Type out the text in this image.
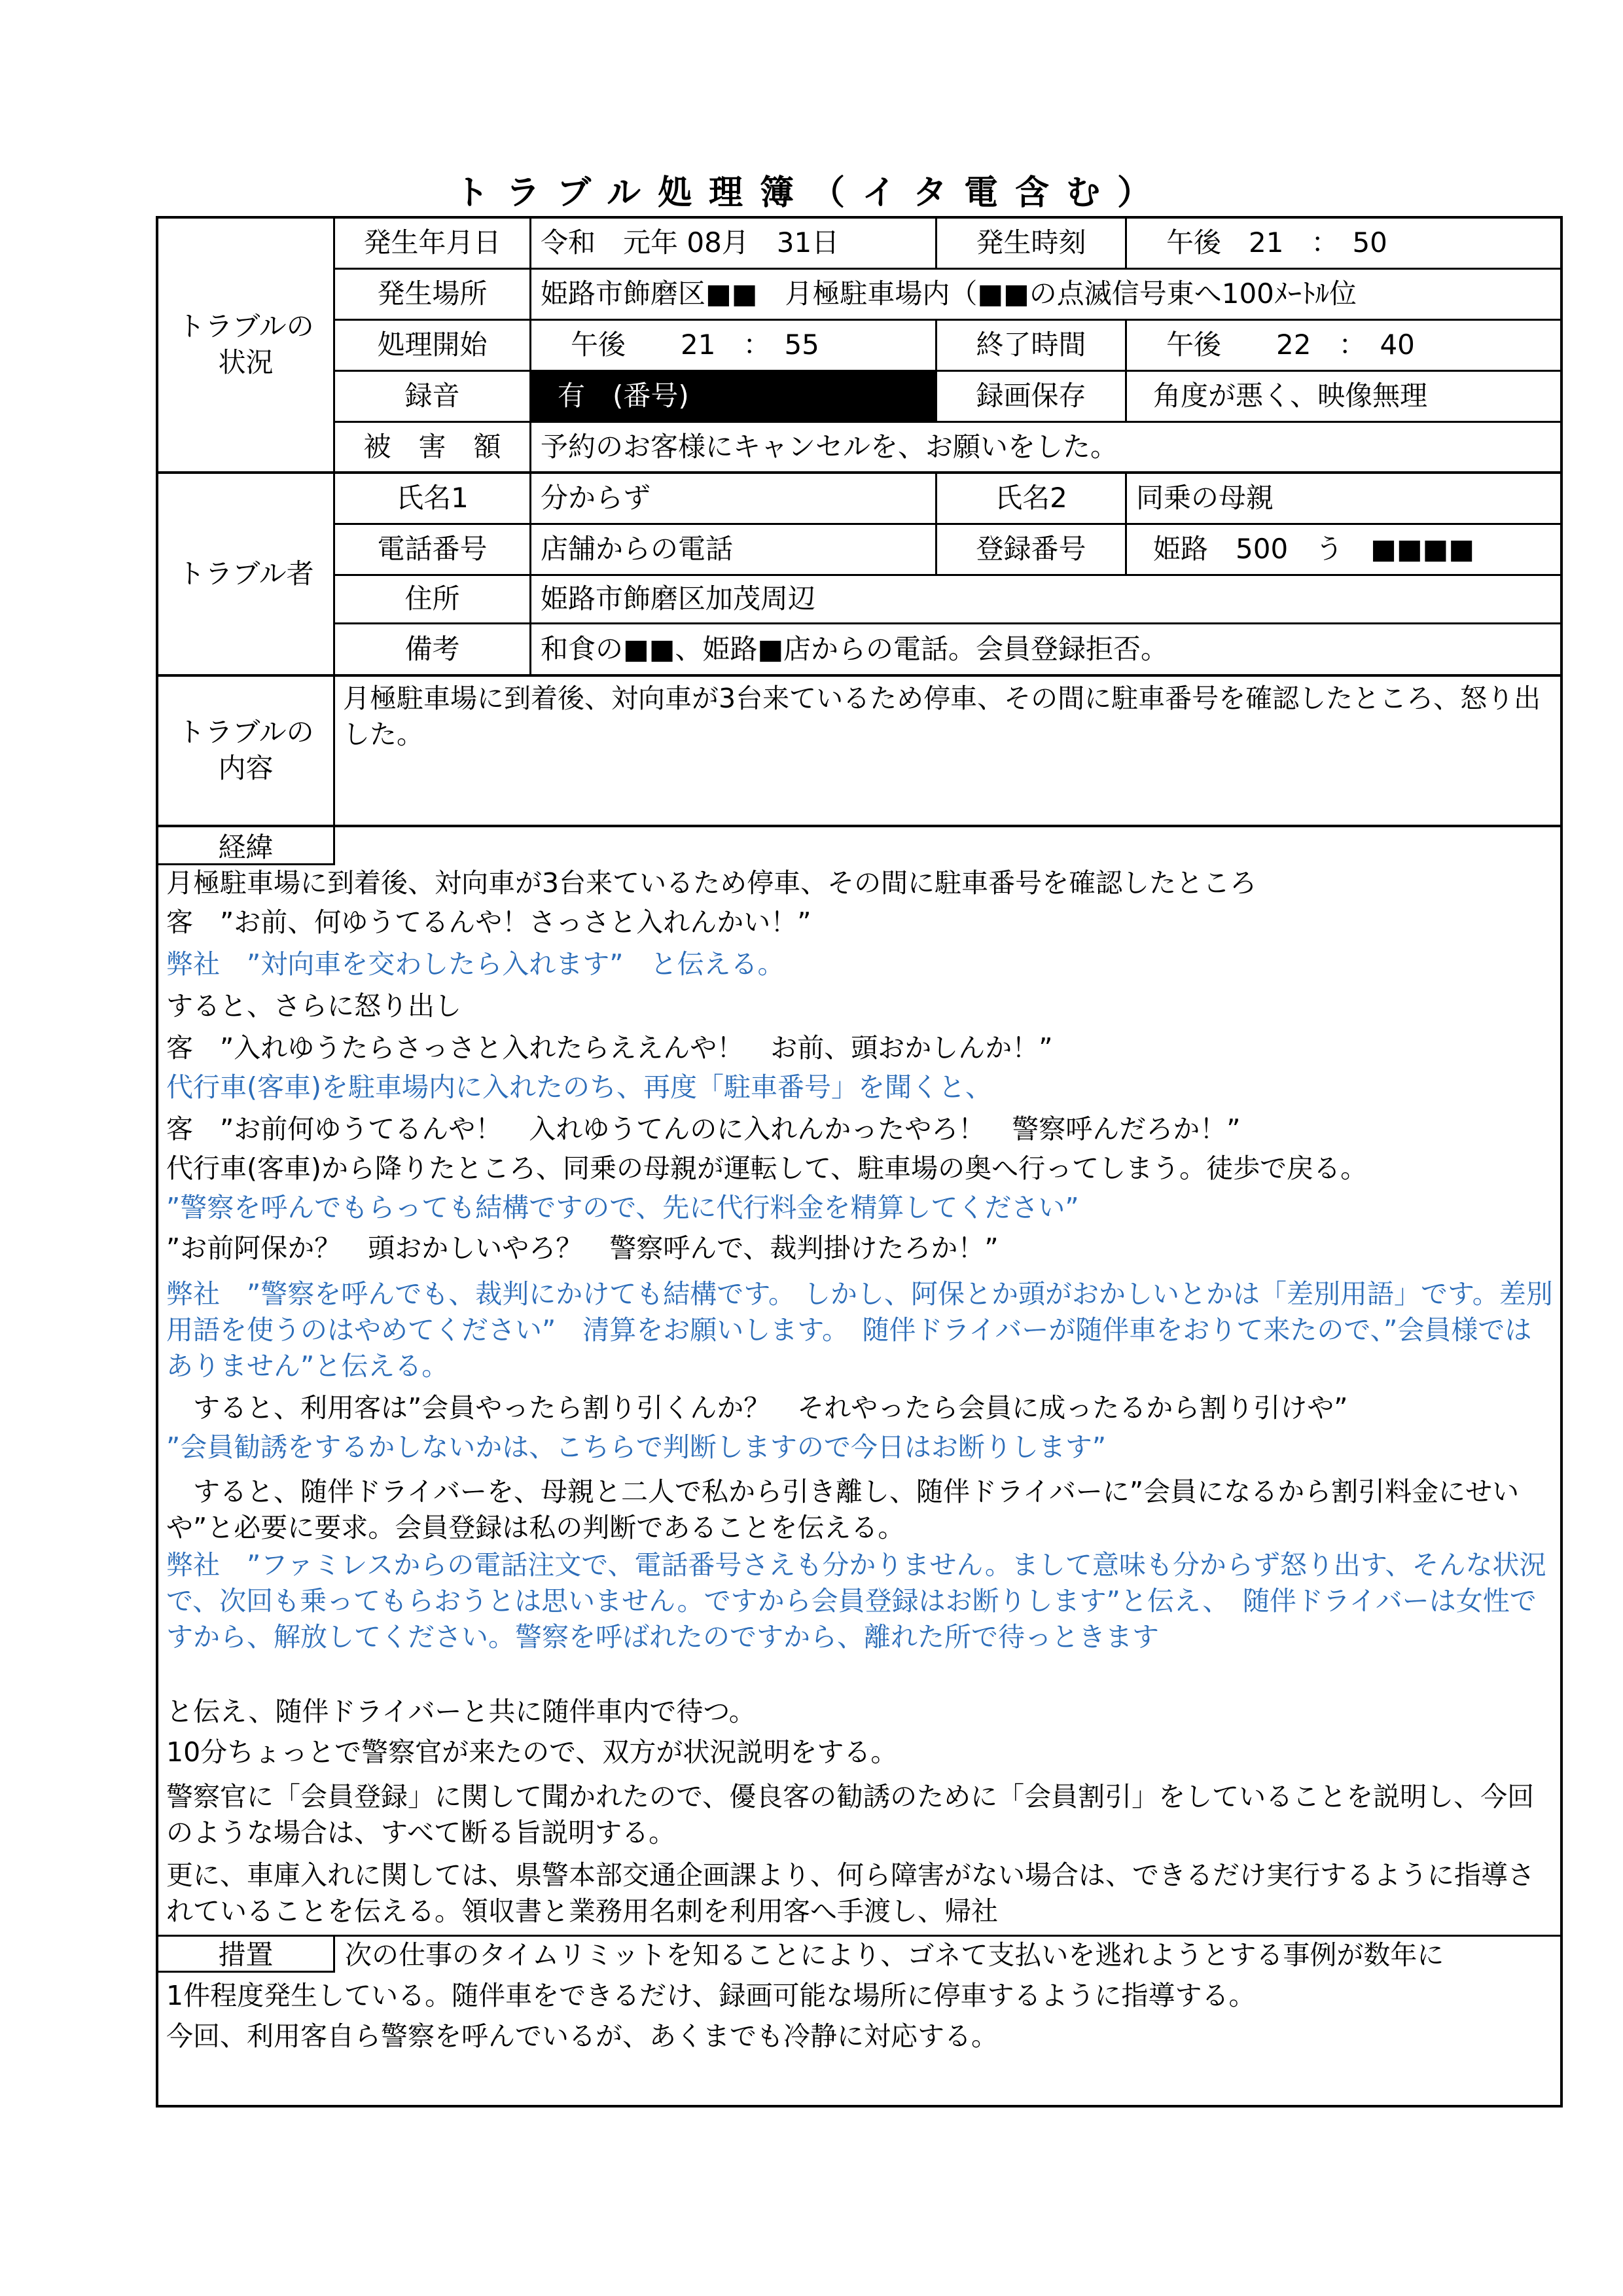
トラブル処理簿（イタ電含む）
トラブルの
状況
発生年月日	令和　元年 08月　31日	発生時刻	午後　21　：　50
発生場所	姫路市飾磨区■■　月極駐車場内（■■の点滅信号東へ100ﾒｰﾄﾙ位
処理開始	午後　　21　：　55	終了時間	午後　　22　：　40
録音	有　(番号)	録画保存	角度が悪く、映像無理
被　害　額	予約のお客様にキャンセルを、お願いをした。
トラブル者
氏名1	分からず	氏名2	同乗の母親
電話番号	店舗からの電話	登録番号	姫路　500　う　■■■■
住所	姫路市飾磨区加茂周辺
備考	和食の■■、姫路■店からの電話。会員登録拒否。
トラブルの
内容
月極駐車場に到着後、対向車が3台来ているため停車、その間に駐車番号を確認したところ、怒り出した。
経緯
月極駐車場に到着後、対向車が3台来ているため停車、その間に駐車番号を確認したところ
客　”お前、何ゆうてるんや！さっさと入れんかい！”
弊社　”対向車を交わしたら入れます”　と伝える。
すると、さらに怒り出し
客　”入れゆうたらさっさと入れたらええんや！　お前、頭おかしんか！”
代行車(客車)を駐車場内に入れたのち、再度「駐車番号」を聞くと、
客　”お前何ゆうてるんや！　入れゆうてんのに入れんかったやろ！　警察呼んだろか！”
代行車(客車)から降りたところ、同乗の母親が運転して、駐車場の奥へ行ってしまう。徒歩で戻る。
”警察を呼んでもらっても結構ですので、先に代行料金を精算してください”
”お前阿保か？　頭おかしいやろ？　警察呼んで、裁判掛けたろか！”
弊社　”警察を呼んでも、裁判にかけても結構です。 しかし、阿保とか頭がおかしいとかは「差別用語」です。差別用語を使うのはやめてください”　清算をお願いします。　随伴ドライバーが随伴車をおりて来たので、”会員様ではありません”と伝える。
　すると、利用客は”会員やったら割り引くんか？　それやったら会員に成ったるから割り引けや”
”会員勧誘をするかしないかは、こちらで判断しますので今日はお断りします”
　すると、随伴ドライバーを、母親と二人で私から引き離し、随伴ドライバーに”会員になるから割引料金にせいや”と必要に要求。会員登録は私の判断であることを伝える。
弊社　”ファミレスからの電話注文で、電話番号さえも分かりません。まして意味も分からず怒り出す、そんな状況で、次回も乗ってもらおうとは思いません。ですから会員登録はお断りします”と伝え、　随伴ドライバーは女性ですから、解放してください。警察を呼ばれたのですから、離れた所で待っときます
と伝え、随伴ドライバーと共に随伴車内で待つ。
10分ちょっとで警察官が来たので、双方が状況説明をする。
警察官に「会員登録」に関して聞かれたので、優良客の勧誘のために「会員割引」をしていることを説明し、今回のような場合は、すべて断る旨説明する。
更に、車庫入れに関しては、県警本部交通企画課より、何ら障害がない場合は、できるだけ実行するように指導されていることを伝える。領収書と業務用名刺を利用客へ手渡し、帰社
措置	次の仕事のタイムリミットを知ることにより、ゴネて支払いを逃れようとする事例が数年に
1件程度発生している。随伴車をできるだけ、録画可能な場所に停車するように指導する。
今回、利用客自ら警察を呼んでいるが、あくまでも冷静に対応する。
